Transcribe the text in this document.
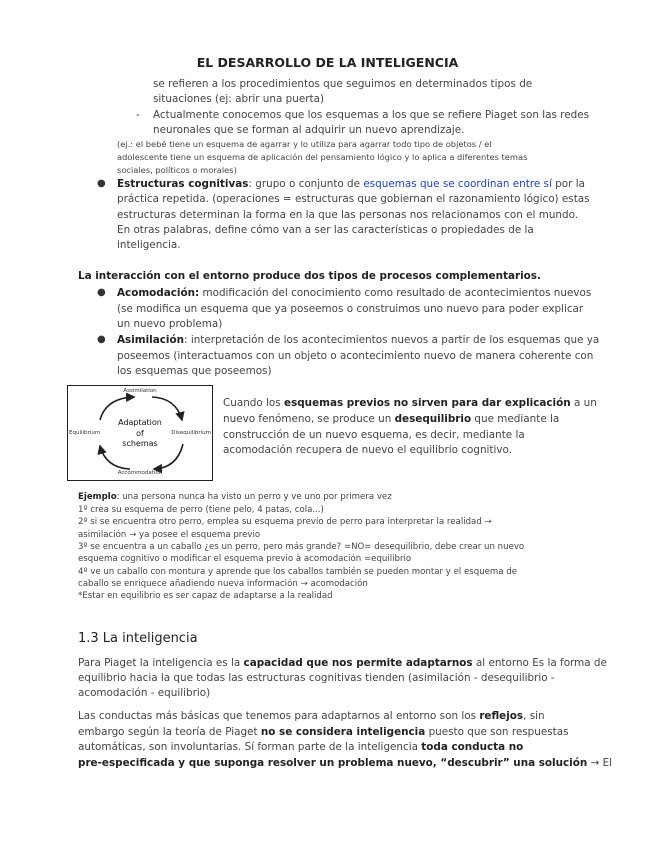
EL DESARROLLO DE LA INTELIGENCIA
se refieren a los procedimientos que seguimos en determinados tipos de
situaciones (ej: abrir una puerta)
- Actualmente conocemos que los esquemas a los que se refiere Piaget son las redes
neuronales que se forman al adquirir un nuevo aprendizaje.
(ej.: el bebé tiene un esquema de agarrar y lo utiliza para agarrar todo tipo de objetos / el
adolescente tiene un esquema de aplicación del pensamiento lógico y lo aplica a diferentes temas
sociales, políticos o morales)
● Estructuras cognitivas: grupo o conjunto de esquemas que se coordinan entre sí por la
práctica repetida. (operaciones = estructuras que gobiernan el razonamiento lógico) estas
estructuras determinan la forma en la que las personas nos relacionamos con el mundo.
En otras palabras, define cómo van a ser las características o propiedades de la
inteligencia.
La interacción con el entorno produce dos tipos de procesos complementarios.
● Acomodación: modificación del conocimiento como resultado de acontecimientos nuevos
(se modifica un esquema que ya poseemos o construimos uno nuevo para poder explicar
un nuevo problema)
● Asimilación: interpretación de los acontecimientos nuevos a partir de los esquemas que ya
poseemos (interactuamos con un objeto o acontecimiento nuevo de manera coherente con
los esquemas que poseemos)
Assimilation
Accommodation
Equilibrium	Disequilibrium
Adaptation
of
schemas
Cuando los esquemas previos no sirven para dar explicación a un
nuevo fenómeno, se produce un desequilibrio que mediante la
construcción de un nuevo esquema, es decir, mediante la
acomodación recupera de nuevo el equilibrio cognitivo.
Ejemplo: una persona nunca ha visto un perro y ve uno por primera vez
1º crea su esquema de perro (tiene pelo, 4 patas, cola...)
2º si se encuentra otro perro, emplea su esquema previo de perro para interpretar la realidad →
asimilación → ya posee el esquema previo
3º se encuentra a un caballo ¿es un perro, pero más grande? =NO= desequilibrio, debe crear un nuevo
esquema cognitivo o modificar el esquema previo à acomodación =equilibrio
4º ve un caballo con montura y aprende que los caballos también se pueden montar y el esquema de
caballo se enriquece añadiendo nueva información → acomodación
*Estar en equilibrio es ser capaz de adaptarse a la realidad
1.3 La inteligencia
Para Piaget la inteligencia es la capacidad que nos permite adaptarnos al entorno Es la forma de
equilibrio hacia la que todas las estructuras cognitivas tienden (asimilación - desequilibrio -
acomodación - equilibrio)
Las conductas más básicas que tenemos para adaptarnos al entorno son los reflejos, sin
embargo según la teoría de Piaget no se considera inteligencia puesto que son respuestas
automáticas, son involuntarias. Sí forman parte de la inteligencia toda conducta no
pre-especificada y que suponga resolver un problema nuevo, “descubrir” una solución → El
